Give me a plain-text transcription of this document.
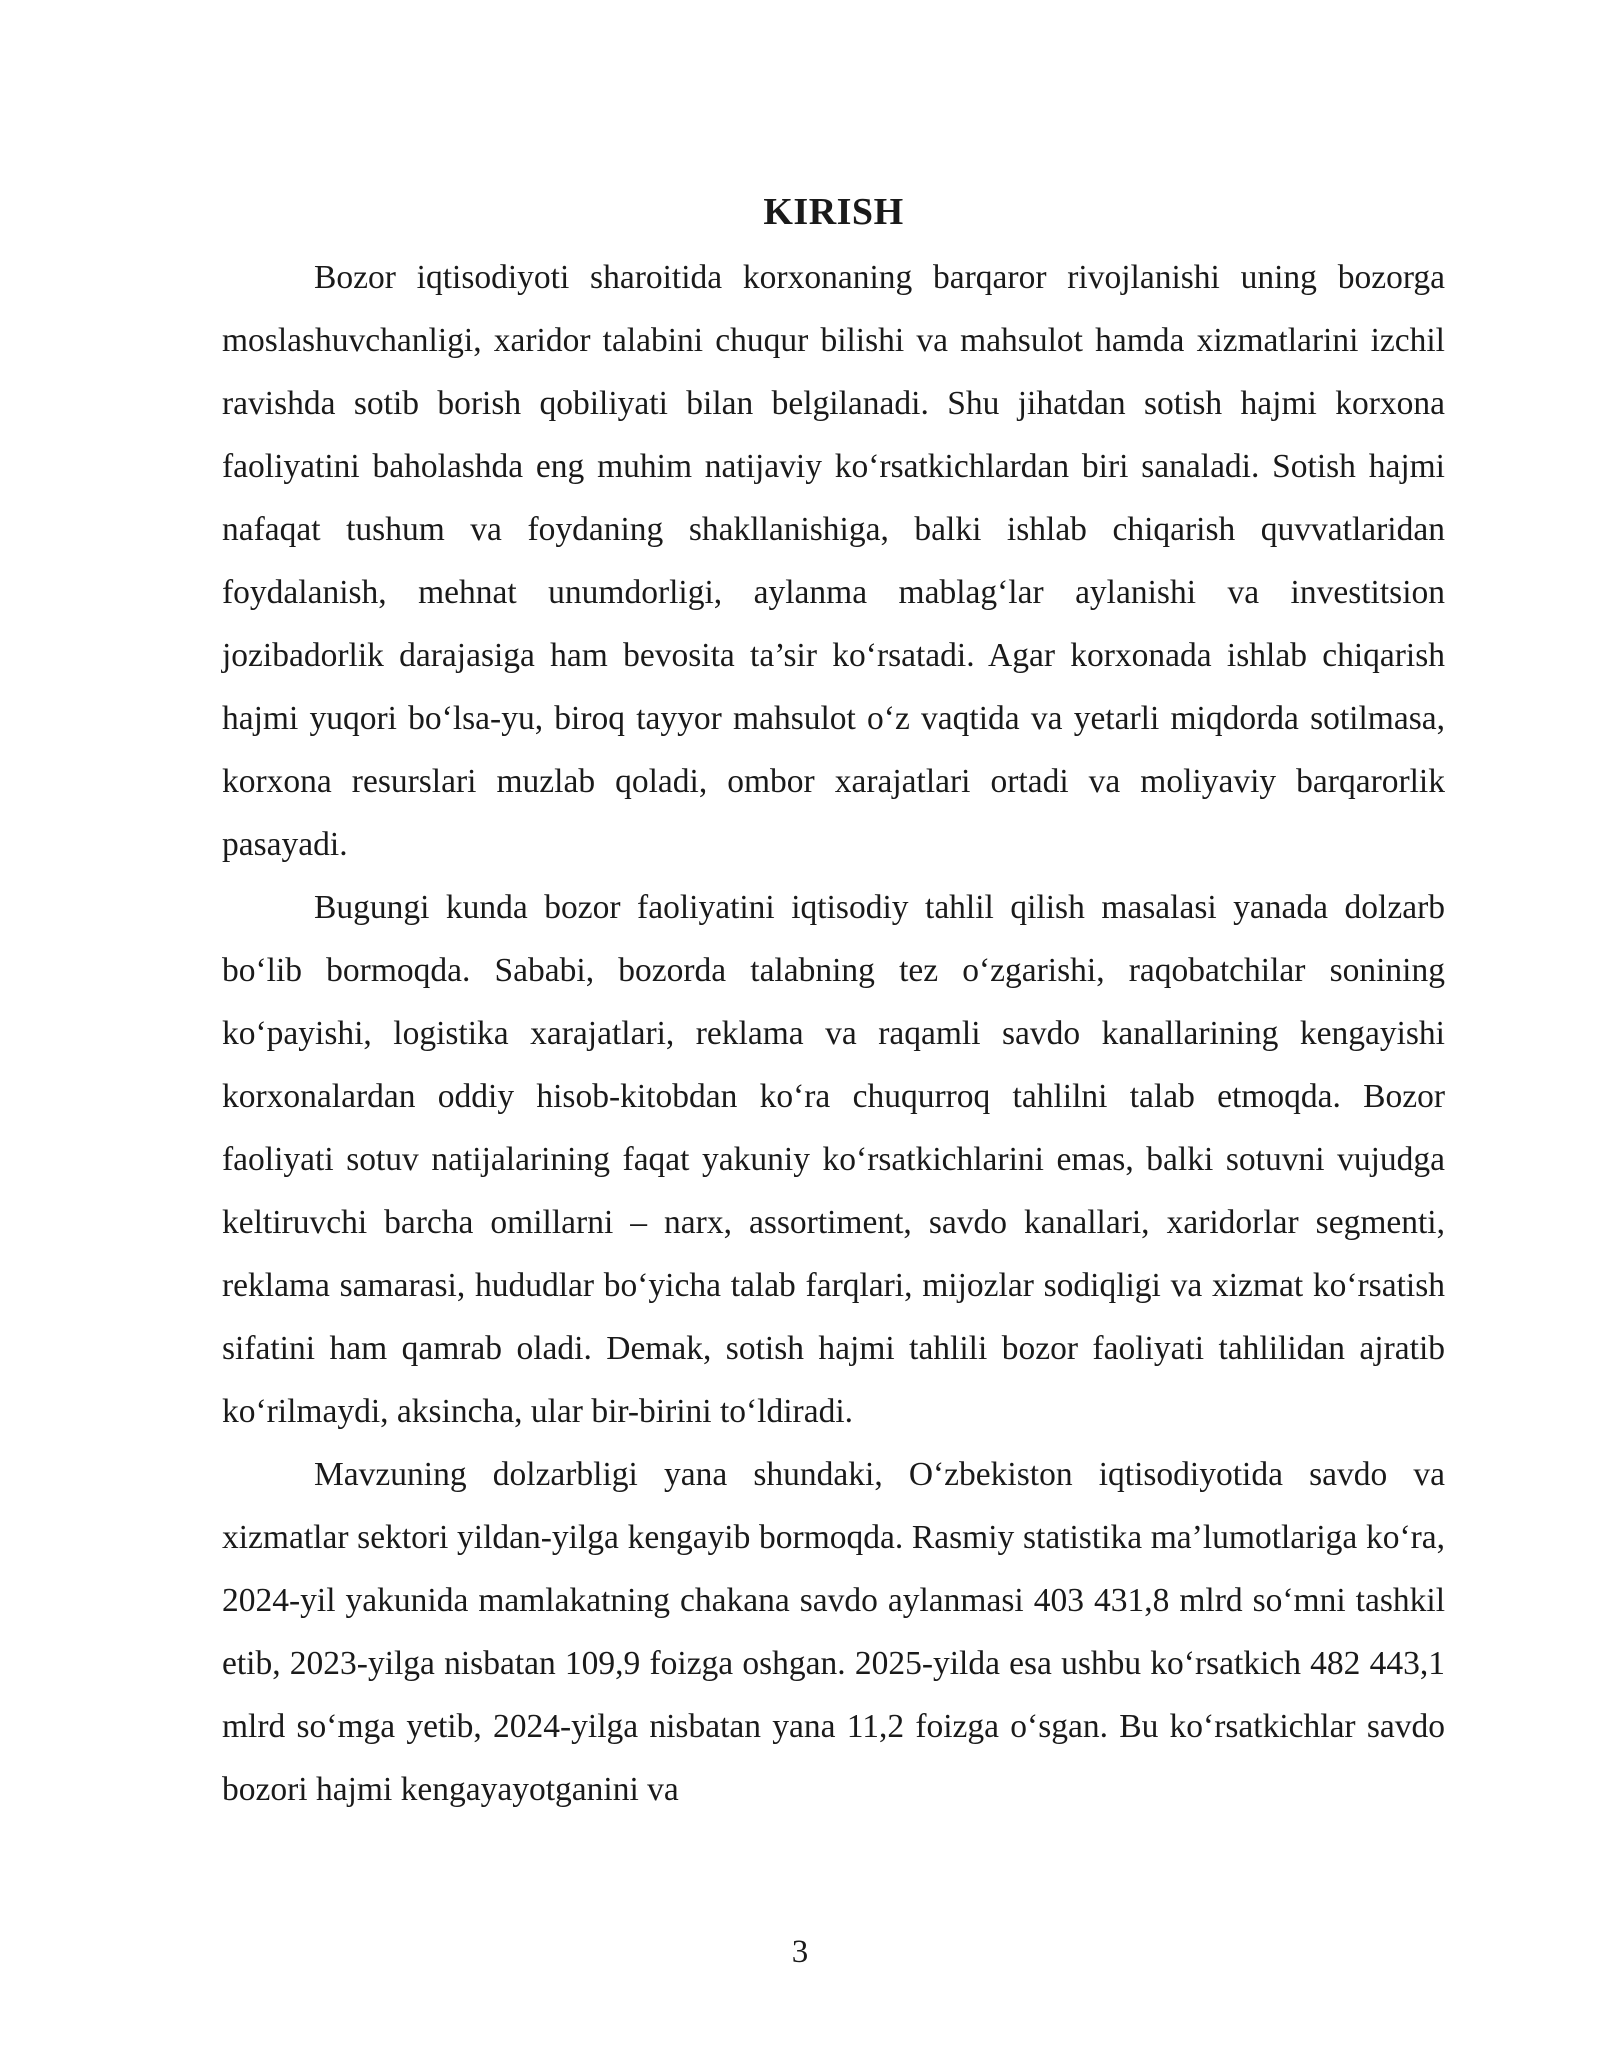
KIRISH

Bozor iqtisodiyoti sharoitida korxonaning barqaror rivojlanishi uning bozorga moslashuvchanligi, xaridor talabini chuqur bilishi va mahsulot hamda xizmatlarini izchil ravishda sotib borish qobiliyati bilan belgilanadi. Shu jihatdan sotish hajmi korxona faoliyatini baholashda eng muhim natijaviy ko‘rsatkichlardan biri sanaladi. Sotish hajmi nafaqat tushum va foydaning shakllanishiga, balki ishlab chiqarish quvvatlaridan foydalanish, mehnat unumdorligi, aylanma mablag‘lar aylanishi va investitsion jozibadorlik darajasiga ham bevosita ta’sir ko‘rsatadi. Agar korxonada ishlab chiqarish hajmi yuqori bo‘lsa-yu, biroq tayyor mahsulot o‘z vaqtida va yetarli miqdorda sotilmasa, korxona resurslari muzlab qoladi, ombor xarajatlari ortadi va moliyaviy barqarorlik pasayadi.

Bugungi kunda bozor faoliyatini iqtisodiy tahlil qilish masalasi yanada dolzarb bo‘lib bormoqda. Sababi, bozorda talabning tez o‘zgarishi, raqobatchilar sonining ko‘payishi, logistika xarajatlari, reklama va raqamli savdo kanallarining kengayishi korxonalardan oddiy hisob-kitobdan ko‘ra chuqurroq tahlilni talab etmoqda. Bozor faoliyati sotuv natijalarining faqat yakuniy ko‘rsatkichlarini emas, balki sotuvni vujudga keltiruvchi barcha omillarni – narx, assortiment, savdo kanallari, xaridorlar segmenti, reklama samarasi, hududlar bo‘yicha talab farqlari, mijozlar sodiqligi va xizmat ko‘rsatish sifatini ham qamrab oladi. Demak, sotish hajmi tahlili bozor faoliyati tahlilidan ajratib ko‘rilmaydi, aksincha, ular bir-birini to‘ldiradi.

Mavzuning dolzarbligi yana shundaki, O‘zbekiston iqtisodiyotida savdo va xizmatlar sektori yildan-yilga kengayib bormoqda. Rasmiy statistika ma’lumotlariga ko‘ra, 2024-yil yakunida mamlakatning chakana savdo aylanmasi 403 431,8 mlrd so‘mni tashkil etib, 2023-yilga nisbatan 109,9 foizga oshgan. 2025-yilda esa ushbu ko‘rsatkich 482 443,1 mlrd so‘mga yetib, 2024-yilga nisbatan yana 11,2 foizga o‘sgan. Bu ko‘rsatkichlar savdo bozori hajmi kengayayotganini va

3
